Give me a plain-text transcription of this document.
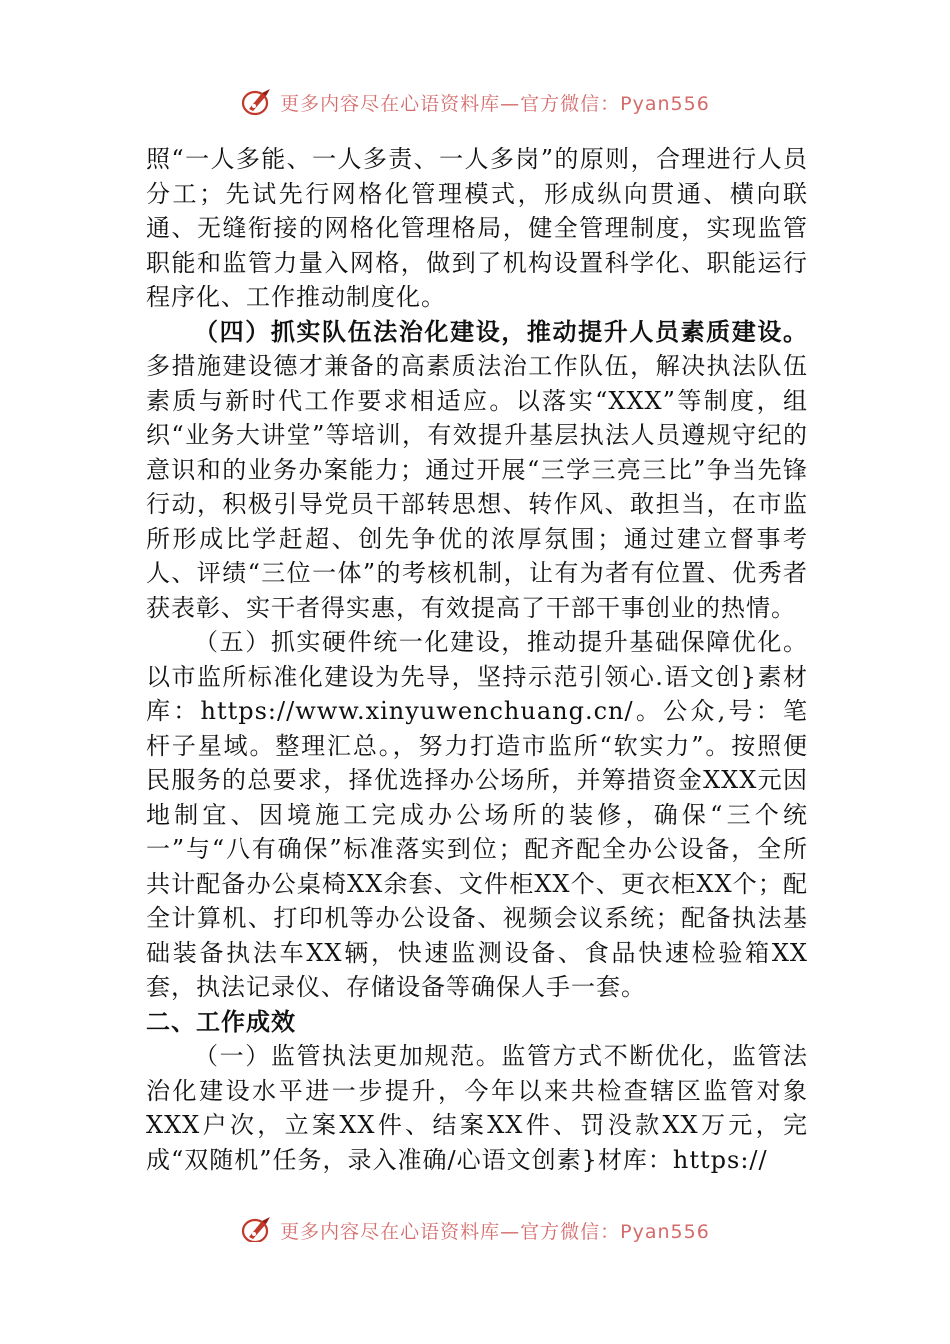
更多内容尽在心语资料库—官方微信：Pyan556

照“一人多能、一人多责、一人多岗”的原则，合理进行人员分工；先试先行网格化管理模式，形成纵向贯通、横向联通、无缝衔接的网格化管理格局，健全管理制度，实现监管职能和监管力量入网格，做到了机构设置科学化、职能运行程序化、工作推动制度化。

（四）抓实队伍法治化建设，推动提升人员素质建设。多措施建设德才兼备的高素质法治工作队伍，解决执法队伍素质与新时代工作要求相适应。以落实“XXX”等制度，组织“业务大讲堂”等培训，有效提升基层执法人员遵规守纪的意识和的业务办案能力；通过开展“三学三亮三比”争当先锋行动，积极引导党员干部转思想、转作风、敢担当，在市监所形成比学赶超、创先争优的浓厚氛围；通过建立督事考人、评绩“三位一体”的考核机制，让有为者有位置、优秀者获表彰、实干者得实惠，有效提高了干部干事创业的热情。

（五）抓实硬件统一化建设，推动提升基础保障优化。以市监所标准化建设为先导，坚持示范引领心.语文创}素材库：https://www.xinyuwenchuang.cn/。公众,号：笔杆子星域。整理汇总。，努力打造市监所“软实力”。按照便民服务的总要求，择优选择办公场所，并筹措资金XXX元因地制宜、因境施工完成办公场所的装修，确保“三个统一”与“八有确保”标准落实到位；配齐配全办公设备，全所共计配备办公桌椅XX余套、文件柜XX个、更衣柜XX个；配全计算机、打印机等办公设备、视频会议系统；配备执法基础装备执法车XX辆，快速监测设备、食品快速检验箱XX套，执法记录仪、存储设备等确保人手一套。

二、工作成效

（一）监管执法更加规范。监管方式不断优化，监管法治化建设水平进一步提升，今年以来共检查辖区监管对象XXX户次，立案XX件、结案XX件、罚没款XX万元，完成“双随机”任务，录入准确/心语文创素}材库：https://

更多内容尽在心语资料库—官方微信：Pyan556
